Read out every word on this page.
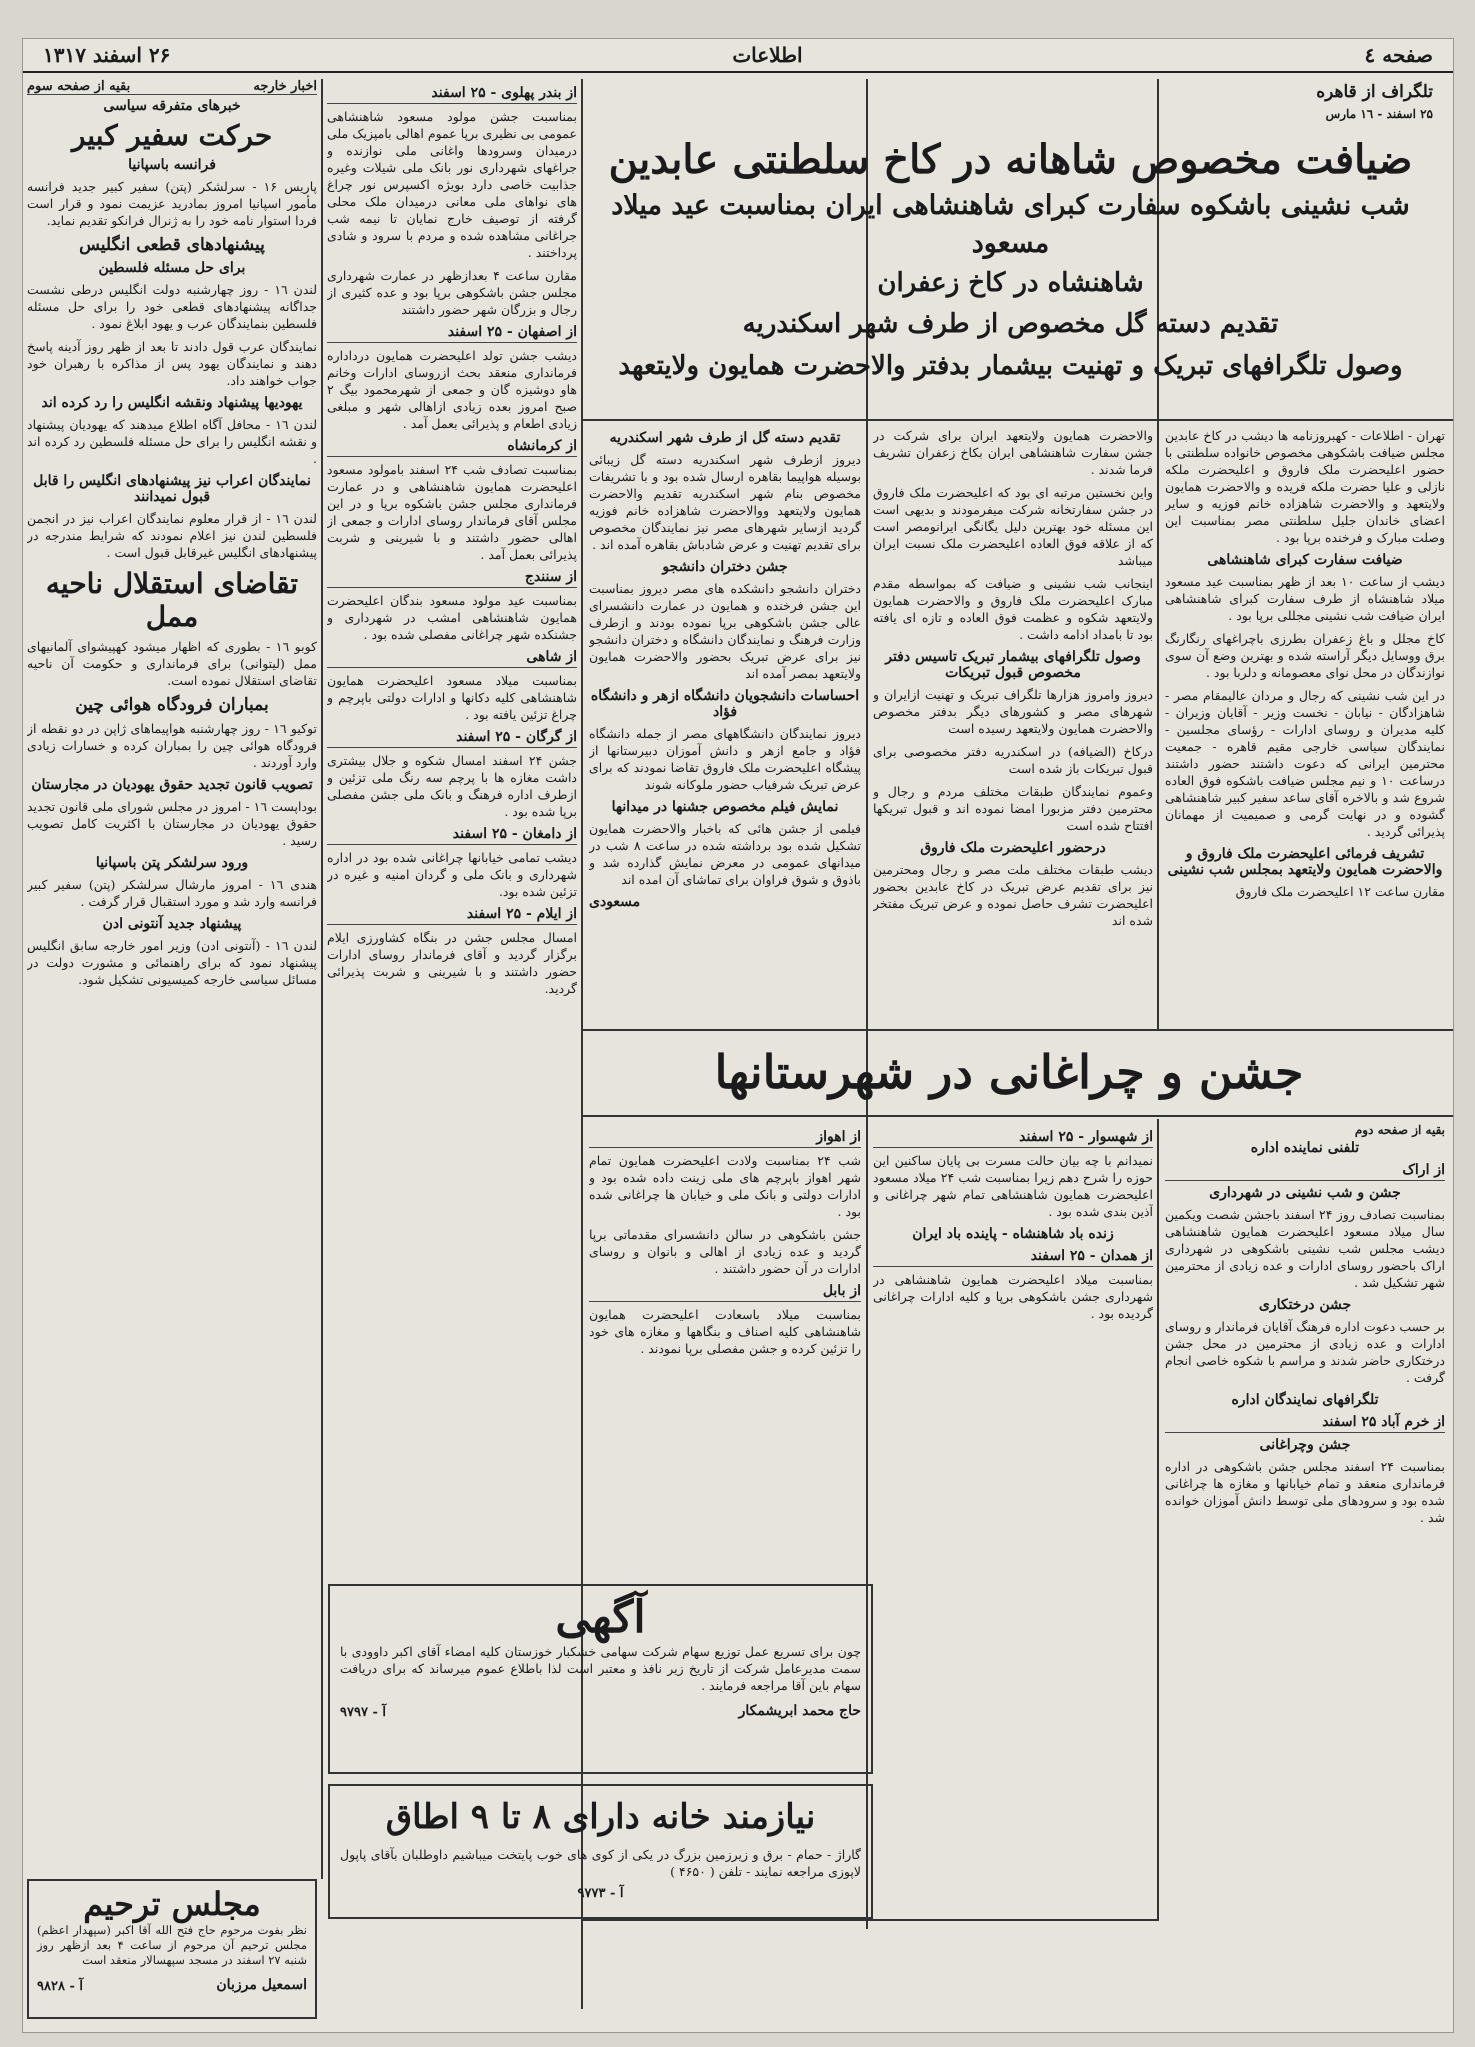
صفحه ٤
اطلاعات
۲۶ اسفند ۱۳۱۷
تلگراف از قاهره
۲۵ اسفند - ۱٦ مارس
ضیافت مخصوص شاهانه در کاخ سلطنتی عابدین
شب نشینی باشکوه سفارت کبرای شاهنشاهی ایران بمناسبت عید میلاد مسعود
شاهنشاه در کاخ زعفران
تقدیم دسته گل مخصوص از طرف شهر اسکندریه
وصول تلگرافهای تبریک و تهنیت بیشمار بدفتر والاحضرت همایون ولایتعهد

تهران - اطلاعات - کهبروزنامه ها دیشب در کاخ عابدین مجلس ضیافت باشکوهی مخصوص خانواده سلطنتی با حضور اعلیحضرت ملک فاروق و اعلیحضرت ملکه نازلی و علیا حضرت ملکه فریده و والاحضرت همایون ولایتعهد و والاحضرت شاهزاده خانم فوزیه و سایر اعضای خاندان جلیل سلطنتی مصر بمناسبت این وصلت مبارک و فرخنده برپا بود .

ضیافت سفارت کبرای شاهنشاهی

دیشب از ساعت ۱۰ بعد از ظهر بمناسبت عید مسعود میلاد شاهنشاه از طرف سفارت کبرای شاهنشاهی ایران ضیافت شب نشینی مجللی برپا بود .

کاخ مجلل و باغ زعفران بطرزی باچراغهای رنگارنگ برق ووسایل دیگر آراسته شده و بهترین وضع آن سوی نوازندگان در محل نوای معصومانه و دلربا بود .

در این شب نشینی که رجال و مردان عالیمقام مصر - شاهزادگان - نیابان - نخست وزیر - آقایان وزیران - کلیه مدیران و روسای ادارات - رؤسای مجلسین - نمایندگان سیاسی خارجی مقیم قاهره - جمعیت محترمین ایرانی که دعوت داشتند حضور داشتند درساعت ۱۰ و نیم مجلس ضیافت باشکوه فوق العاده شروع شد و بالاخره آقای ساعد سفیر کبیر شاهنشاهی گشوده و در نهایت گرمی و صمیمیت از مهمانان پذیرائی گردید .

تشریف فرمائی اعلیحضرت ملک فاروق و والاحضرت همایون ولایتعهد بمجلس شب نشینی

مقارن ساعت ۱۲ اعلیحضرت ملک فاروق

والاحضرت همایون ولایتعهد ایران برای شرکت در جشن سفارت شاهنشاهی ایران بکاخ زعفران تشریف فرما شدند .

واین نخستین مرتبه ای بود که اعلیحضرت ملک فاروق در جشن سفارتخانه شرکت میفرمودند و بدیهی است این مسئله خود بهترین دلیل یگانگی ایرانومصر است که از علاقه فوق العاده اعلیحضرت ملک نسبت ایران میباشد

اینجانب شب نشینی و ضیافت که بمواسطه مقدم مبارک اعلیحضرت ملک فاروق و والاحضرت همایون ولایتعهد شکوه و عظمت فوق العاده و تازه ای یافته بود تا بامداد ادامه داشت .

وصول تلگرافهای بیشمار تبریک تاسیس دفتر مخصوص قبول تبریکات

دیروز وامروز هزارها تلگراف تبریک و تهنیت ازایران و شهرهای مصر و کشورهای دیگر بدفتر مخصوص والاحضرت همایون ولایتعهد رسیده است

درکاخ (الضیافه) در اسکندریه دفتر مخصوصی برای قبول تبریکات باز شده است

وعموم نمایندگان طبقات مختلف مردم و رجال و محترمین دفتر مزبورا امضا نموده اند و قبول تبریکها افتتاح شده است

درحضور اعلیحضرت ملک فاروق

دیشب طبقات مختلف ملت مصر و رجال ومحترمین نیز برای تقدیم عرض تبریک در کاخ عابدین بحضور اعلیحضرت تشرف حاصل نموده و عرض تبریک مفتخر شده اند

تقدیم دسته گل از طرف شهر اسکندریه

دیروز ازطرف شهر اسکندریه دسته گل زیبائی بوسیله هواپیما بقاهره ارسال شده بود و با تشریفات مخصوص بنام شهر اسکندریه تقدیم والاحضرت همایون ولایتعهد ووالاحضرت شاهزاده خانم فوزیه گردید ازسایر شهرهای مصر نیز نمایندگان مخصوص برای تقدیم تهنیت و عرض شادباش بقاهره آمده اند .

جشن دختران دانشجو

دختران دانشجو دانشکده های مصر دیروز بمناسبت این جشن فرخنده و همایون در عمارت دانشسرای عالی جشن باشکوهی برپا نموده بودند و ازطرف وزارت فرهنگ و نمایندگان دانشگاه و دختران دانشجو نیز برای عرض تبریک بحضور والاحضرت همایون ولایتعهد بمصر آمده اند

احساسات دانشجویان دانشگاه ازهر و دانشگاه فؤاد

دیروز نمایندگان دانشگاههای مصر از جمله دانشگاه فؤاد و جامع ازهر و دانش آموزان دبیرستانها از پیشگاه اعلیحضرت ملک فاروق تقاضا نمودند که برای عرض تبریک شرفیاب حضور ملوکانه شوند

نمایش فیلم مخصوص جشنها در میدانها

فیلمی از جشن هائی که باخبار والاحضرت همایون تشکیل شده بود برداشته شده در ساعت ۸ شب در میدانهای عمومی در معرض نمایش گذارده شد و باذوق و شوق فراوان برای تماشای آن امده اند

مسعودی
از بندر پهلوی - ۲۵ اسفند

بمناسبت جشن مولود مسعود شاهنشاهی عمومی بی نظیری برپا عموم اهالی بامپزیک ملی درمیدان وسرودها واغانی ملی نوازنده و جراغهای شهرداری نور بانک ملی شیلات وغیره جذابیت خاصی دارد بویژه اکسپرس نور چراغ های نواهای ملی معانی درمیدان ملک محلی گرفته از توصیف خارج نمایان تا نیمه شب جراغانی مشاهده شده و مردم با سرود و شادی پرداختند .

مقارن ساعت ۴ بعدازظهر در عمارت شهرداری مجلس جشن باشکوهی برپا بود و عده کثیری از رجال و بزرگان شهر حضور داشتند

از اصفهان - ۲۵ اسفند

دیشب جشن تولد اعلیحضرت همایون درداداره فرمانداری منعقد بحث ازروسای ادارات وخانم هاو دوشیزه گان و جمعی از شهرمحمود بیگ ۲ صبح امروز بعده زیادی ازاهالی شهر و مبلغی زیادی اطعام و پذیرائی بعمل آمد .

از کرمانشاه

بمناسبت تصادف شب ۲۴ اسفند بامولود مسعود اعلیحضرت همایون شاهنشاهی و در عمارت فرمانداری مجلس جشن باشکوه برپا و در این مجلس آقای فرماندار روسای ادارات و جمعی از اهالی حضور داشتند و با شیرینی و شربت پذیرائی بعمل آمد .

از سنندج

بمناسبت عید مولود مسعود بندگان اعلیحضرت همایون شاهنشاهی امشب در شهرداری و جشنکده شهر چراغانی مفصلی شده بود .

از شاهی

بمناسبت میلاد مسعود اعلیحضرت همایون شاهنشاهی کلیه دکانها و ادارات دولتی باپرچم و چراغ تزئین یافته بود .

از گرگان - ۲۵ اسفند

جشن ۲۴ اسفند امسال شکوه و جلال بیشتری داشت مغازه ها با پرچم سه رنگ ملی تزئین و ازطرف اداره فرهنگ و بانک ملی جشن مفصلی برپا شده بود .

از دامغان - ۲۵ اسفند

دیشب تمامی خیابانها چراغانی شده بود در اداره شهرداری و بانک ملی و گردان امنیه و غیره در تزئین شده بود.

از ایلام - ۲۵ اسفند

امسال مجلس جشن در بنگاه کشاورزی ایلام برگزار گردید و آقای فرماندار روسای ادارات حضور داشتند و با شیرینی و شربت پذیرائی گردید.

اخبار خارجه
بقیه از صفحه سوم
خبرهای متفرقه سیاسی
حرکت سفیر کبیر
فرانسه باسپانیا

پاریس ۱۶ - سرلشکر (پتن) سفیر کبیر جدید فرانسه مأمور اسپانیا امروز بمادرید عزیمت نمود و قرار است فردا استوار نامه خود را به ژنرال فرانکو تقدیم نماید.

پیشنهادهای قطعی انگلیس
برای حل مسئله فلسطین

لندن ۱٦ - روز چهارشنبه دولت انگلیس درطی نشست جداگانه پیشنهادهای قطعی خود را برای حل مسئله فلسطین بنمایندگان عرب و یهود ابلاغ نمود .

نمایندگان عرب قول دادند تا بعد از ظهر روز آدینه پاسخ دهند و نمایندگان یهود پس از مذاکره با رهبران خود جواب خواهند داد.

یهودیها پیشنهاد ونقشه انگلیس را رد کرده اند

لندن ۱٦ - محافل آگاه اطلاع میدهند که یهودیان پیشنهاد و نقشه انگلیس را برای حل مسئله فلسطین رد کرده اند .

نمایندگان اعراب نیز پیشنهادهای انگلیس را قابل قبول نمیدانند

لندن ۱٦ - از قرار معلوم نمایندگان اعراب نیز در انجمن فلسطین لندن نیز اعلام نمودند که شرایط مندرجه در پیشنهادهای انگلیس غیرقابل قبول است .

تقاضای استقلال ناحیه ممل

کوبو ۱٦ - بطوری که اظهار میشود کهپیشوای آلمانیهای ممل (لیتوانی) برای فرمانداری و حکومت آن ناحیه تقاضای استقلال نموده است.

بمباران فرودگاه هوائی چین

توکیو ۱٦ - روز چهارشنبه هواپیماهای ژاپن در دو نقطه از فرودگاه هوائی چین را بمباران کرده و خسارات زیادی وارد آوردند .

تصویب قانون تجدید حقوق یهودیان در مجارستان

بوداپست ۱٦ - امروز در مجلس شورای ملی قانون تجدید حقوق یهودیان در مجارستان با اکثریت کامل تصویب رسید .

ورود سرلشکر پتن باسپانیا

هندی ۱٦ - امروز مارشال سرلشکر (پتن) سفیر کبیر فرانسه وارد شد و مورد استقبال قرار گرفت .

پیشنهاد جدید آنتونی ادن

لندن ۱٦ - (آنتونی ادن) وزیر امور خارجه سابق انگلیس پیشنهاد نمود که برای راهنمائی و مشورت دولت در مسائل سیاسی خارجه کمیسیونی تشکیل شود.

مجلس ترحیم

نظر بفوت مرحوم حاج فتح الله آقا اکبر (سپهدار اعظم) مجلس ترحیم آن مرحوم از ساعت ۴ بعد ازظهر روز شنبه ۲۷ اسفند در مسجد سپهسالار منعقد است

اسمعیل مرزبان
آ - ۹۸۲۸
جشن و چراغانی در شهرستانها
از شهسوار - ۲۵ اسفند

نمیدانم با چه بیان حالت مسرت بی پایان ساکنین این حوزه را شرح دهم زیرا بمناسبت شب ۲۴ میلاد مسعود اعلیحضرت همایون شاهنشاهی تمام شهر چراغانی و آذین بندی شده بود .

زنده باد شاهنشاه - پاینده باد ایران
از همدان - ۲۵ اسفند

بمناسبت میلاد اعلیحضرت همایون شاهنشاهی در شهرداری جشن باشکوهی برپا و کلیه ادارات چراغانی گردیده بود .

از اهواز

شب ۲۴ بمناسبت ولادت اعلیحضرت همایون تمام شهر اهواز باپرچم های ملی زینت داده شده بود و ادارات دولتی و بانک ملی و خیابان ها چراغانی شده بود .

جشن باشکوهی در سالن دانشسرای مقدماتی برپا گردید و عده زیادی از اهالی و بانوان و روسای ادارات در آن حضور داشتند .

از بابل

بمناسبت میلاد باسعادت اعلیحضرت همایون شاهنشاهی کلیه اصناف و بنگاهها و مغازه های خود را تزئین کرده و جشن مفصلی برپا نمودند .

بقیه از صفحه دوم
تلفنی نماینده اداره
از اراک
جشن و شب نشینی در شهرداری

بمناسبت تصادف روز ۲۴ اسفند باجشن شصت ویکمین سال میلاد مسعود اعلیحضرت همایون شاهنشاهی دیشب مجلس شب نشینی باشکوهی در شهرداری اراک باحضور روسای ادارات و عده زیادی از محترمین شهر تشکیل شد .

جشن درختکاری

بر حسب دعوت اداره فرهنگ آقایان فرماندار و روسای ادارات و عده زیادی از محترمین در محل جشن درختکاری حاضر شدند و مراسم با شکوه خاصی انجام گرفت .

تلگرافهای نمایندگان اداره
از خرم آباد ۲۵ اسفند
جشن وچراغانی

بمناسبت ۲۴ اسفند مجلس جشن باشکوهی در اداره فرمانداری منعقد و تمام خیابانها و مغازه ها چراغانی شده بود و سرودهای ملی توسط دانش آموزان خوانده شد .

آگهی

چون برای تسریع عمل توزیع سهام شرکت سهامی خشکبار خوزستان کلیه امضاء آقای اکبر داوودی با سمت مدیرعامل شرکت از تاریخ زیر نافذ و معتبر است لذا باطلاع عموم میرساند که برای دریافت سهام باین آقا مراجعه فرمایند .

حاج محمد ابریشمکار
آ - ۹۷۹۷
نیازمند خانه دارای ۸ تا ۹ اطاق

گاراژ - حمام - برق و زیرزمین بزرگ در یکی از کوی های خوب پایتخت میباشیم داوطلبان بآقای پاپول لاپوزی مراجعه نمایند - تلفن ( ۴۶۵۰ )

آ - ۹۷۷۳
